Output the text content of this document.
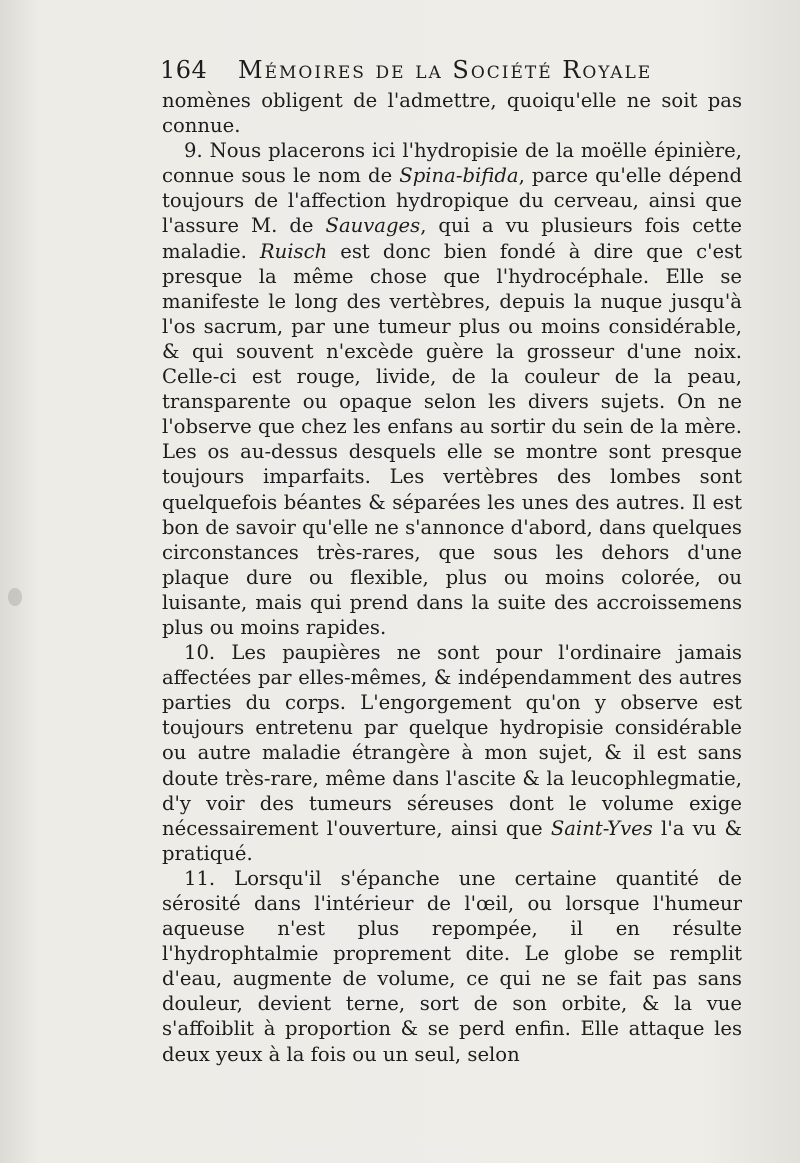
164 Mémoires de la Société Royale

nomènes obligent de l'admettre, quoiqu'elle ne soit pas connue.

9. Nous placerons ici l'hydropisie de la moëlle épinière, connue sous le nom de Spina-bifida, parce qu'elle dépend toujours de l'affection hydropique du cerveau, ainsi que l'assure M. de Sauvages, qui a vu plusieurs fois cette maladie. Ruisch est donc bien fondé à dire que c'est presque la même chose que l'hydrocéphale. Elle se manifeste le long des vertèbres, depuis la nuque jusqu'à l'os sacrum, par une tumeur plus ou moins considérable, & qui souvent n'excède guère la grosseur d'une noix. Celle-ci est rouge, livide, de la couleur de la peau, transparente ou opaque selon les divers sujets. On ne l'observe que chez les enfans au sortir du sein de la mère. Les os au-dessus desquels elle se montre sont presque toujours imparfaits. Les vertèbres des lombes sont quelquefois béantes & séparées les unes des autres. Il est bon de savoir qu'elle ne s'annonce d'abord, dans quelques circonstances très-rares, que sous les dehors d'une plaque dure ou flexible, plus ou moins colorée, ou luisante, mais qui prend dans la suite des accroissemens plus ou moins rapides.

10. Les paupières ne sont pour l'ordinaire jamais affectées par elles-mêmes, & indépendamment des autres parties du corps. L'engorgement qu'on y observe est toujours entretenu par quelque hydropisie considérable ou autre maladie étrangère à mon sujet, & il est sans doute très-rare, même dans l'ascite & la leucophlegmatie, d'y voir des tumeurs séreuses dont le volume exige nécessairement l'ouverture, ainsi que Saint-Yves l'a vu & pratiqué.

11. Lorsqu'il s'épanche une certaine quantité de sérosité dans l'intérieur de l'œil, ou lorsque l'humeur aqueuse n'est plus repompée, il en résulte l'hydrophtalmie proprement dite. Le globe se remplit d'eau, augmente de volume, ce qui ne se fait pas sans douleur, devient terne, sort de son orbite, & la vue s'affoiblit à proportion & se perd enfin. Elle attaque les deux yeux à la fois ou un seul, selon
